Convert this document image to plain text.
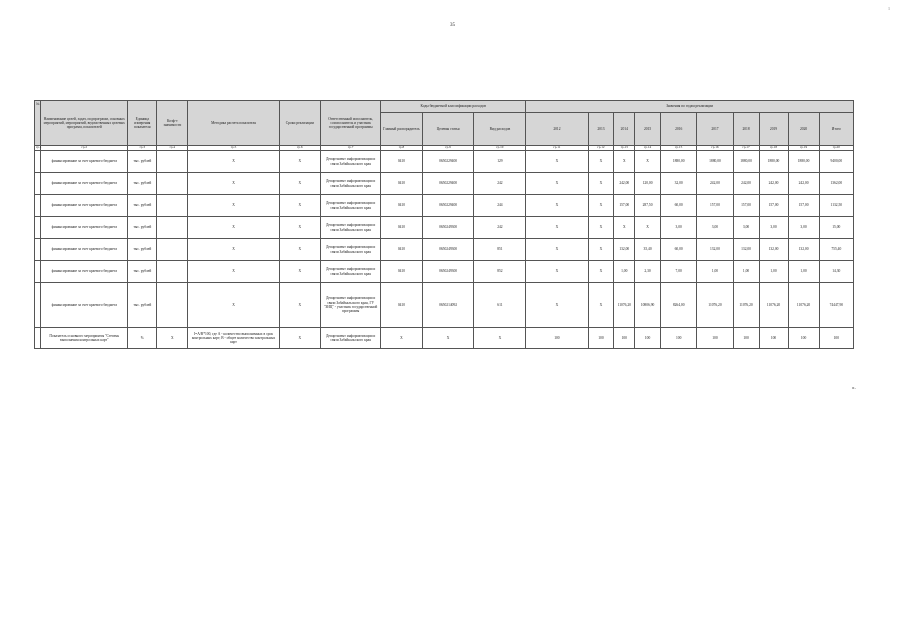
1
35
№	Наименование целей, задач, подпрограмм, основных мероприятий, мероприятий, ведомственных целевых программ, показателей	Единица измерения показателя	Коэф-т значимости	Методика расчета показателя	Сроки реализации	Ответственный исполнитель, соисполнитель и участник государственной программы	Коды бюджетной классификации расходов			Значения по годам реализации									
							Главный распорядитель	Целевая статья	Вид расходов	2012	2013	2014	2015	2016	2017	2018	2019	2020	Итого
гр.1	гр.2	гр.3	гр.4	гр.5	гр.6	гр.7	гр.8	гр.9	гр.10	гр.11	гр.12	гр.13	гр.14	гр.15	гр.16	гр.17	гр.18	гр.19	гр.20
	финансирование за счет краевого бюджета	тыс. рублей		X	X	Департамент информатизации и связи Забайкальского края	0410	0650229400	129	X	X	X	X	1880,00	1880,00	1880,00	1880,00	1880,00	9400,00
	финансирование за счет краевого бюджета	тыс. рублей		X	X	Департамент информатизации и связи Забайкальского края	0410	0650229400	242	X	X	242,00	120,00	32,00	242,00	242,00	242,00	242,00	1362,00
	финансирование за счет краевого бюджета	тыс. рублей		X	X	Департамент информатизации и связи Забайкальского края	0410	0650229400	244	X	X	157,00	287,50	60,00	157,00	157,00	157,00	157,00	1132,50
	финансирование за счет краевого бюджета	тыс. рублей		X	X	Департамент информатизации и связи Забайкальского края	0410	0650249300	242	X	X	X	X	3,00	3,00	3,00	3,00	3,00	15,00
	финансирование за счет краевого бюджета	тыс. рублей		X	X	Департамент информатизации и связи Забайкальского края	0410	0650249300	851	X	X	132,00	35,40	60,00	132,00	132,00	132,00	132,00	755,40
	финансирование за счет краевого бюджета	тыс. рублей		X	X	Департамент информатизации и связи Забайкальского края	0410	0650249300	852	X	X	1,00	2,30	7,00	1,00	1,00	1,00	1,00	14,30
	финансирование за счет краевого бюджета	тыс. рублей		X	X	Департамент информатизации и связи Забайкальского края, ГУ "ЗИЦ" - участник государственной программы	0410	0650214092	611	X	X	11076,20	10806,90	8264,00	11076,20	11076,20	11076,20	11076,20	74447,90
	Показатель основного мероприятия "Степень выполнения контрольных карт"	%	X	I=А/В*100, где А - количество выполненных в срок контрольных карт; В - общее количество контрольных карт	X	Департамент информатизации и связи Забайкальского края	X	X	X	100	100	100	100	100	100	100	100	100	100
».
